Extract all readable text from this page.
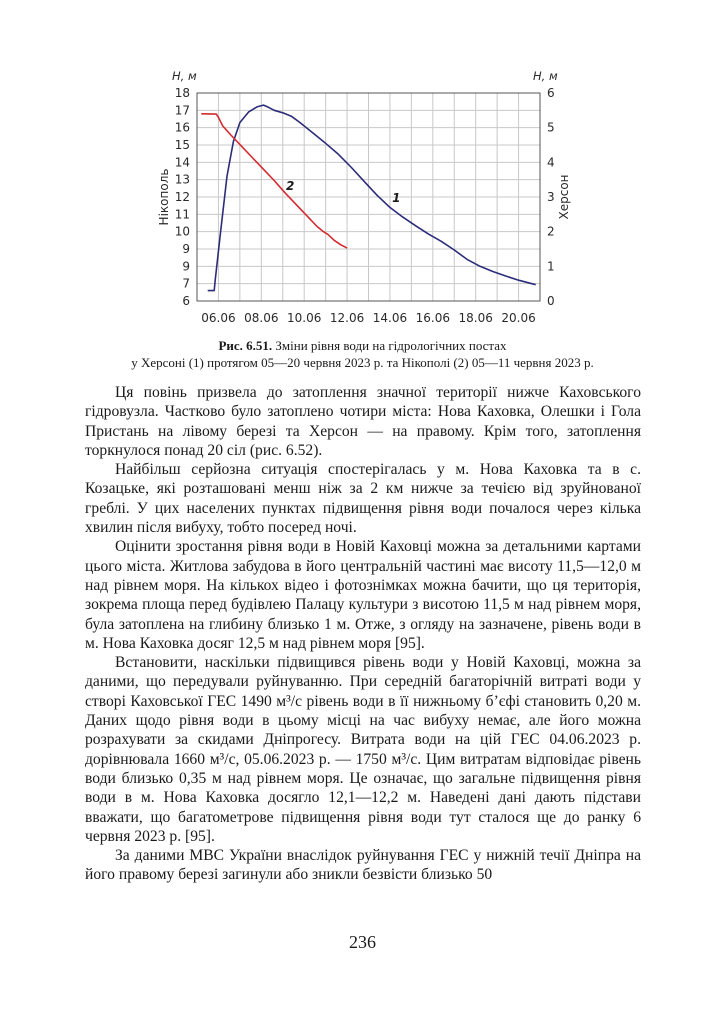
18
17
16
15
14
13
12
11
10
9
9
7
6
6
5
4
3
2
1
0
06.06 08.06 10.06 12.06 14.06 16.06 18.06 20.06
H, м	H, м
Нікополь	Херсон
1
2
Рис. 6.51. Зміни рівня води на гідрологічних постах
у Херсоні (1) протягом 05—20 червня 2023 р. та Нікополі (2) 05—11 червня 2023 р.

Ця повінь призвела до затоплення значної території нижче Каховського гідровузла. Частково було затоплено чотири міста: Нова Каховка, Олешки і Гола Пристань на лівому березі та Херсон — на правому. Крім того, затоплення торкнулося понад 20 сіл (рис. 6.52).

Найбільш серйозна ситуація спостерігалась у м. Нова Каховка та в с. Козацьке, які розташовані менш ніж за 2 км нижче за течією від зруйнованої греблі. У цих населених пунктах підвищення рівня води почалося через кілька хвилин після вибуху, тобто посеред ночі.

Оцінити зростання рівня води в Новій Каховці можна за детальними картами цього міста. Житлова забудова в його центральній частині має висоту 11,5—12,0 м над рівнем моря. На кількох відео і фотознімках можна бачити, що ця територія, зокрема площа перед будівлею Палацу культури з висотою 11,5 м над рівнем моря, була затоплена на глибину близько 1 м. Отже, з огляду на зазначене, рівень води в м. Нова Каховка досяг 12,5 м над рівнем моря [95].

Встановити, наскільки підвищився рівень води у Новій Каховці, можна за даними, що передували руйнуванню. При середній багаторічній витраті води у створі Каховської ГЕС 1490 м³/с рівень води в її нижньому б’єфі становить 0,20 м. Даних щодо рівня води в цьому місці на час вибуху немає, але його можна розрахувати за скидами Дніпрогесу. Витрата води на цій ГЕС 04.06.2023 р. дорівнювала 1660 м³/с, 05.06.2023 р. — 1750 м³/с. Цим витратам відповідає рівень води близько 0,35 м над рівнем моря. Це означає, що загальне підвищення рівня води в м. Нова Каховка досягло 12,1—12,2 м. Наведені дані дають підстави вважати, що багатометрове підвищення рівня води тут сталося ще до ранку 6 червня 2023 р. [95].

За даними МВС України внаслідок руйнування ГЕС у нижній течії Дніпра на його правому березі загинули або зникли безвісти близько 50

236
